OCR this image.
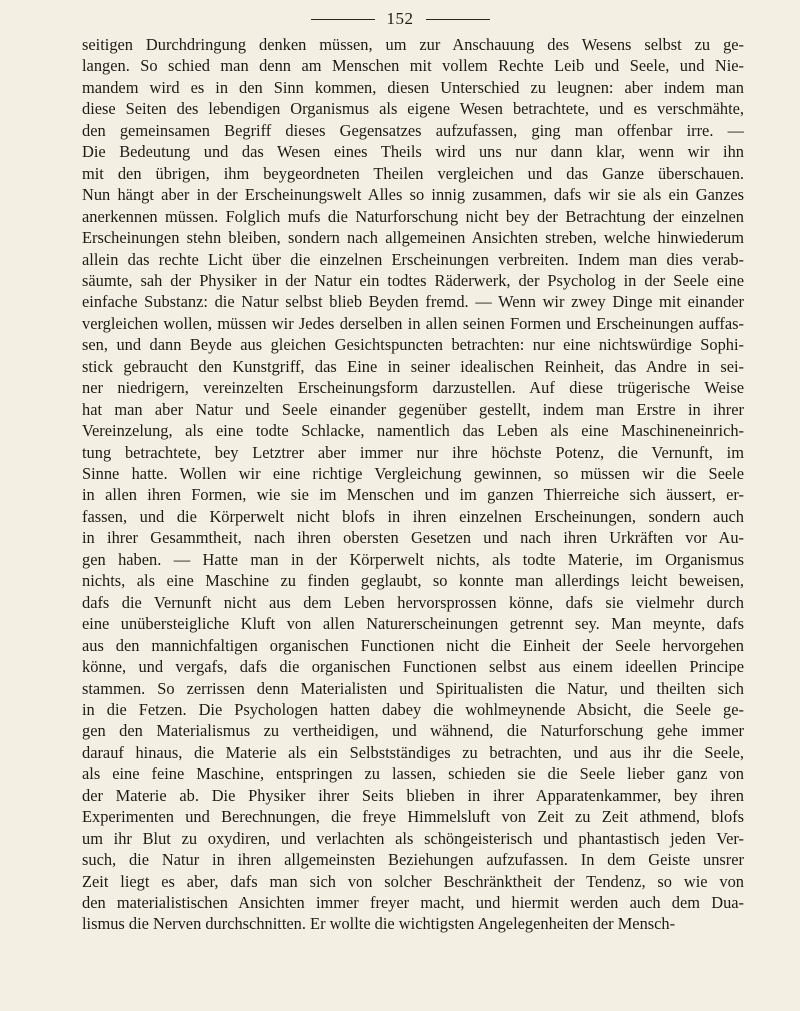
152
seitigen Durchdringung denken müssen, um zur Anschauung des Wesens selbst zu ge-
langen. So schied man denn am Menschen mit vollem Rechte Leib und Seele, und Nie-
mandem wird es in den Sinn kommen, diesen Unterschied zu leugnen: aber indem man
diese Seiten des lebendigen Organismus als eigene Wesen betrachtete, und es verschmähte,
den gemeinsamen Begriff dieses Gegensatzes aufzufassen, ging man offenbar irre. —
Die Bedeutung und das Wesen eines Theils wird uns nur dann klar, wenn wir ihn
mit den übrigen, ihm beygeordneten Theilen vergleichen und das Ganze überschauen.
Nun hängt aber in der Erscheinungswelt Alles so innig zusammen, dafs wir sie als ein Ganzes
anerkennen müssen. Folglich mufs die Naturforschung nicht bey der Betrachtung der einzelnen
Erscheinungen stehn bleiben, sondern nach allgemeinen Ansichten streben, welche hinwiederum
allein das rechte Licht über die einzelnen Erscheinungen verbreiten. Indem man dies verab-
säumte, sah der Physiker in der Natur ein todtes Räderwerk, der Psycholog in der Seele eine
einfache Substanz: die Natur selbst blieb Beyden fremd. — Wenn wir zwey Dinge mit einander
vergleichen wollen, müssen wir Jedes derselben in allen seinen Formen und Erscheinungen auffas-
sen, und dann Beyde aus gleichen Gesichtspuncten betrachten: nur eine nichtswürdige Sophi-
stick gebraucht den Kunstgriff, das Eine in seiner idealischen Reinheit, das Andre in sei-
ner niedrigern, vereinzelten Erscheinungsform darzustellen. Auf diese trügerische Weise
hat man aber Natur und Seele einander gegenüber gestellt, indem man Erstre in ihrer
Vereinzelung, als eine todte Schlacke, namentlich das Leben als eine Maschineneinrich-
tung betrachtete, bey Letztrer aber immer nur ihre höchste Potenz, die Vernunft, im
Sinne hatte. Wollen wir eine richtige Vergleichung gewinnen, so müssen wir die Seele
in allen ihren Formen, wie sie im Menschen und im ganzen Thierreiche sich äussert, er-
fassen, und die Körperwelt nicht blofs in ihren einzelnen Erscheinungen, sondern auch
in ihrer Gesammtheit, nach ihren obersten Gesetzen und nach ihren Urkräften vor Au-
gen haben. — Hatte man in der Körperwelt nichts, als todte Materie, im Organismus
nichts, als eine Maschine zu finden geglaubt, so konnte man allerdings leicht beweisen,
dafs die Vernunft nicht aus dem Leben hervorsprossen könne, dafs sie vielmehr durch
eine unübersteigliche Kluft von allen Naturerscheinungen getrennt sey. Man meynte, dafs
aus den mannichfaltigen organischen Functionen nicht die Einheit der Seele hervorgehen
könne, und vergafs, dafs die organischen Functionen selbst aus einem ideellen Principe
stammen. So zerrissen denn Materialisten und Spiritualisten die Natur, und theilten sich
in die Fetzen. Die Psychologen hatten dabey die wohlmeynende Absicht, die Seele ge-
gen den Materialismus zu vertheidigen, und wähnend, die Naturforschung gehe immer
darauf hinaus, die Materie als ein Selbstständiges zu betrachten, und aus ihr die Seele,
als eine feine Maschine, entspringen zu lassen, schieden sie die Seele lieber ganz von
der Materie ab. Die Physiker ihrer Seits blieben in ihrer Apparatenkammer, bey ihren
Experimenten und Berechnungen, die freye Himmelsluft von Zeit zu Zeit athmend, blofs
um ihr Blut zu oxydiren, und verlachten als schöngeisterisch und phantastisch jeden Ver-
such, die Natur in ihren allgemeinsten Beziehungen aufzufassen. In dem Geiste unsrer
Zeit liegt es aber, dafs man sich von solcher Beschränktheit der Tendenz, so wie von
den materialistischen Ansichten immer freyer macht, und hiermit werden auch dem Dua-
lismus die Nerven durchschnitten. Er wollte die wichtigsten Angelegenheiten der Mensch-
